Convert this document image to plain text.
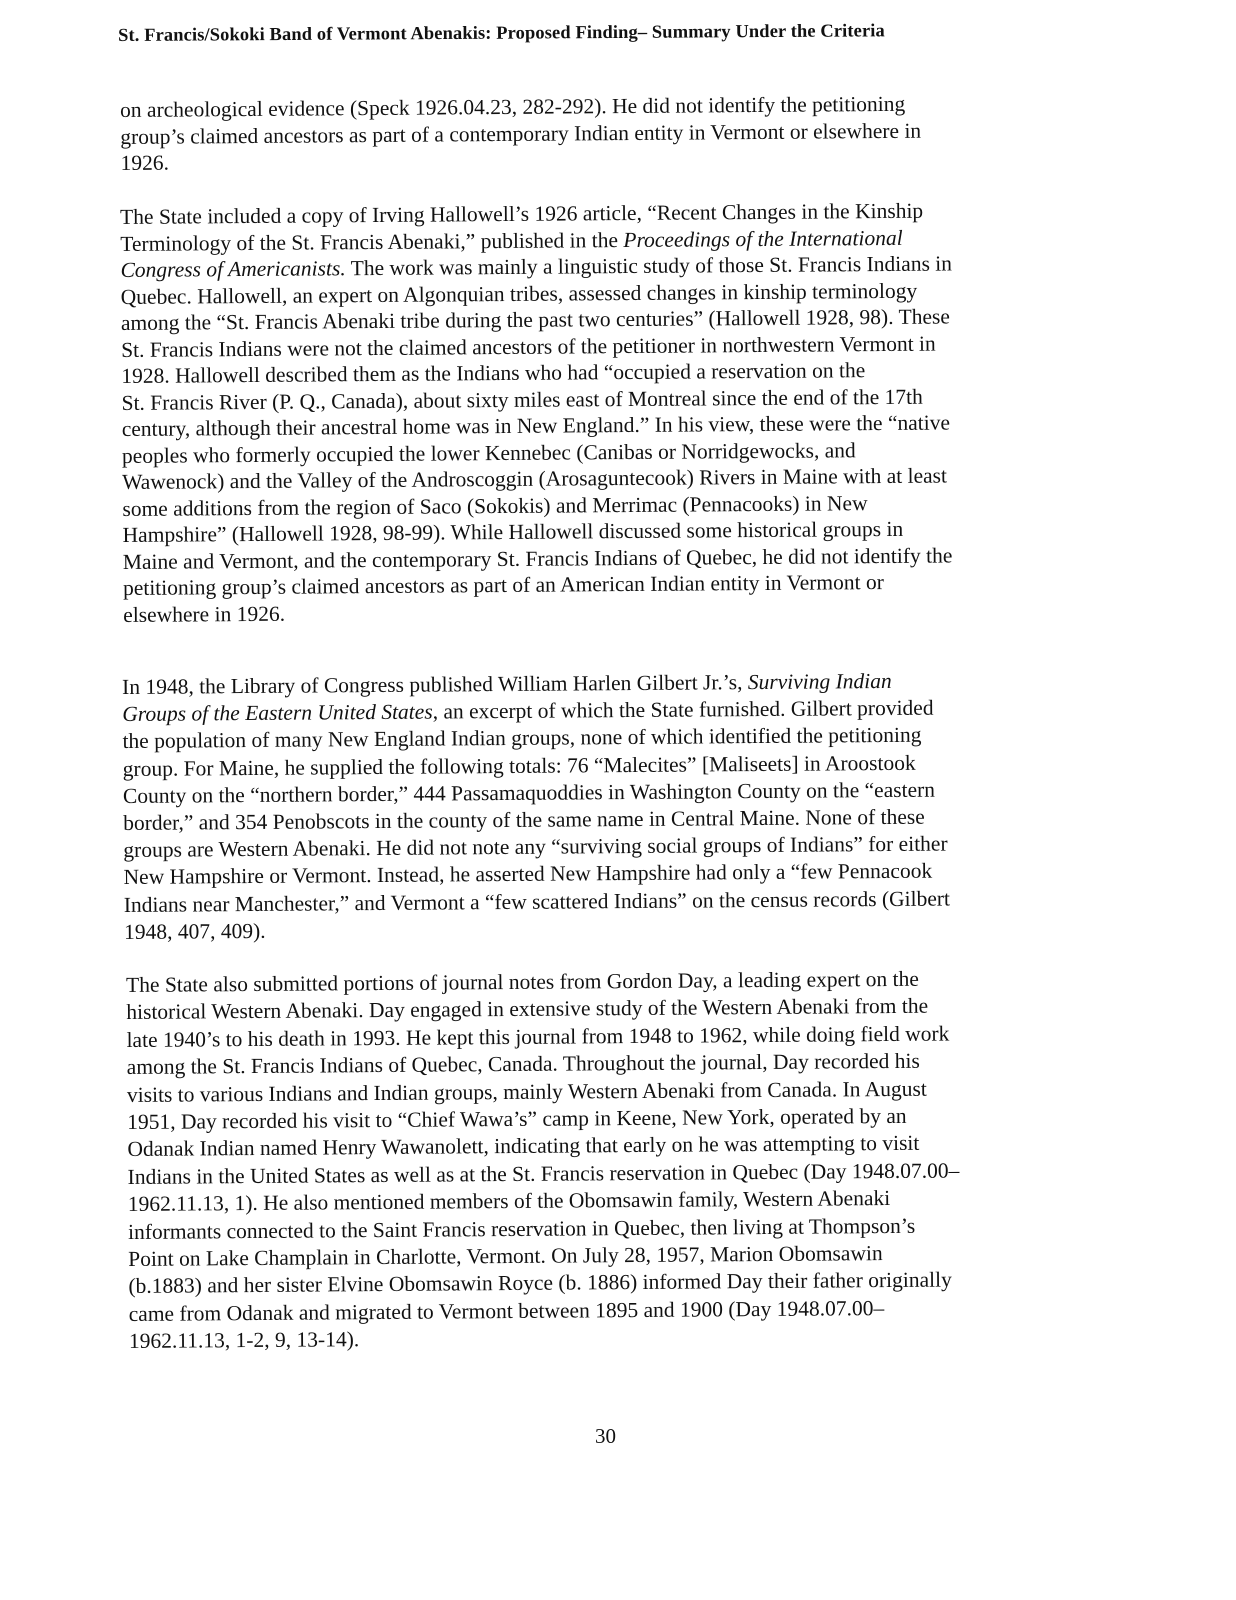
St. Francis/Sokoki Band of Vermont Abenakis: Proposed Finding– Summary Under the Criteria
on archeological evidence (Speck 1926.04.23, 282-292). He did not identify the petitioning
group’s claimed ancestors as part of a contemporary Indian entity in Vermont or elsewhere in
1926.
The State included a copy of Irving Hallowell’s 1926 article, “Recent Changes in the Kinship
Terminology of the St. Francis Abenaki,” published in the Proceedings of the International
Congress of Americanists. The work was mainly a linguistic study of those St. Francis Indians in
Quebec. Hallowell, an expert on Algonquian tribes, assessed changes in kinship terminology
among the “St. Francis Abenaki tribe during the past two centuries” (Hallowell 1928, 98). These
St. Francis Indians were not the claimed ancestors of the petitioner in northwestern Vermont in
1928. Hallowell described them as the Indians who had “occupied a reservation on the
St. Francis River (P. Q., Canada), about sixty miles east of Montreal since the end of the 17th
century, although their ancestral home was in New England.” In his view, these were the “native
peoples who formerly occupied the lower Kennebec (Canibas or Norridgewocks, and
Wawenock) and the Valley of the Androscoggin (Arosaguntecook) Rivers in Maine with at least
some additions from the region of Saco (Sokokis) and Merrimac (Pennacooks) in New
Hampshire” (Hallowell 1928, 98-99). While Hallowell discussed some historical groups in
Maine and Vermont, and the contemporary St. Francis Indians of Quebec, he did not identify the
petitioning group’s claimed ancestors as part of an American Indian entity in Vermont or
elsewhere in 1926.
In 1948, the Library of Congress published William Harlen Gilbert Jr.’s, Surviving Indian
Groups of the Eastern United States, an excerpt of which the State furnished. Gilbert provided
the population of many New England Indian groups, none of which identified the petitioning
group. For Maine, he supplied the following totals: 76 “Malecites” [Maliseets] in Aroostook
County on the “northern border,” 444 Passamaquoddies in Washington County on the “eastern
border,” and 354 Penobscots in the county of the same name in Central Maine. None of these
groups are Western Abenaki. He did not note any “surviving social groups of Indians” for either
New Hampshire or Vermont. Instead, he asserted New Hampshire had only a “few Pennacook
Indians near Manchester,” and Vermont a “few scattered Indians” on the census records (Gilbert
1948, 407, 409).
The State also submitted portions of journal notes from Gordon Day, a leading expert on the
historical Western Abenaki. Day engaged in extensive study of the Western Abenaki from the
late 1940’s to his death in 1993. He kept this journal from 1948 to 1962, while doing field work
among the St. Francis Indians of Quebec, Canada. Throughout the journal, Day recorded his
visits to various Indians and Indian groups, mainly Western Abenaki from Canada. In August
1951, Day recorded his visit to “Chief Wawa’s” camp in Keene, New York, operated by an
Odanak Indian named Henry Wawanolett, indicating that early on he was attempting to visit
Indians in the United States as well as at the St. Francis reservation in Quebec (Day 1948.07.00–
1962.11.13, 1). He also mentioned members of the Obomsawin family, Western Abenaki
informants connected to the Saint Francis reservation in Quebec, then living at Thompson’s
Point on Lake Champlain in Charlotte, Vermont. On July 28, 1957, Marion Obomsawin
(b.1883) and her sister Elvine Obomsawin Royce (b. 1886) informed Day their father originally
came from Odanak and migrated to Vermont between 1895 and 1900 (Day 1948.07.00–
1962.11.13, 1-2, 9, 13-14).
30
